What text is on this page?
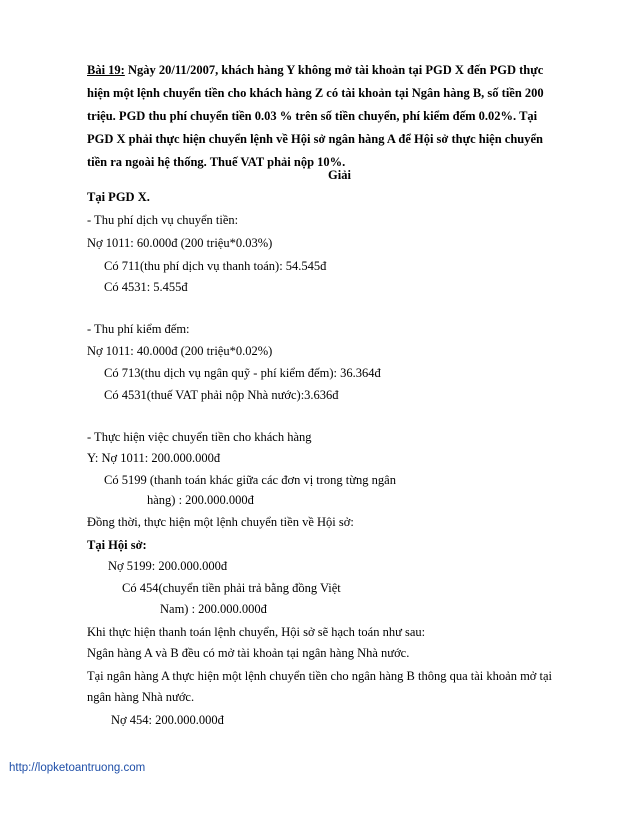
Bài 19: Ngày 20/11/2007, khách hàng Y không mở tài khoản tại PGD X đến PGD thực
hiện một lệnh chuyển tiền cho khách hàng Z có tài khoản tại Ngân hàng B, số tiền 200
triệu. PGD thu phí chuyển tiền 0.03 % trên số tiền chuyển, phí kiểm đếm 0.02%. Tại
PGD X phải thực hiện chuyển lệnh về Hội sở ngân hàng A để Hội sở thực hiện chuyển
tiền ra ngoài hệ thống. Thuế VAT phải nộp 10%.
Giải
Tại PGD X.
- Thu phí dịch vụ chuyển tiền:
Nợ 1011: 60.000đ (200 triệu*0.03%)
Có 711(thu phí dịch vụ thanh toán): 54.545đ
Có 4531: 5.455đ
- Thu phí kiểm đếm:
Nợ 1011: 40.000đ (200 triệu*0.02%)
Có 713(thu dịch vụ ngân quỹ - phí kiểm đếm): 36.364đ
Có 4531(thuế VAT phải nộp Nhà nước):3.636đ
- Thực hiện việc chuyển tiền cho khách hàng
Y: Nợ 1011: 200.000.000đ
Có 5199 (thanh toán khác giữa các đơn vị trong từng ngân
hàng) : 200.000.000đ
Đồng thời, thực hiện một lệnh chuyển tiền về Hội sở:
Tại Hội sở:
Nợ 5199: 200.000.000đ
Có 454(chuyển tiền phải trả bằng đồng Việt
Nam) : 200.000.000đ
Khi thực hiện thanh toán lệnh chuyển, Hội sở sẽ hạch toán như sau:
Ngân hàng A và B đều có mở tài khoản tại ngân hàng Nhà nước.
Tại ngân hàng A thực hiện một lệnh chuyển tiền cho ngân hàng B thông qua tài khoản mở tại
ngân hàng Nhà nước.
Nợ 454: 200.000.000đ
http://lopketoantruong.com
